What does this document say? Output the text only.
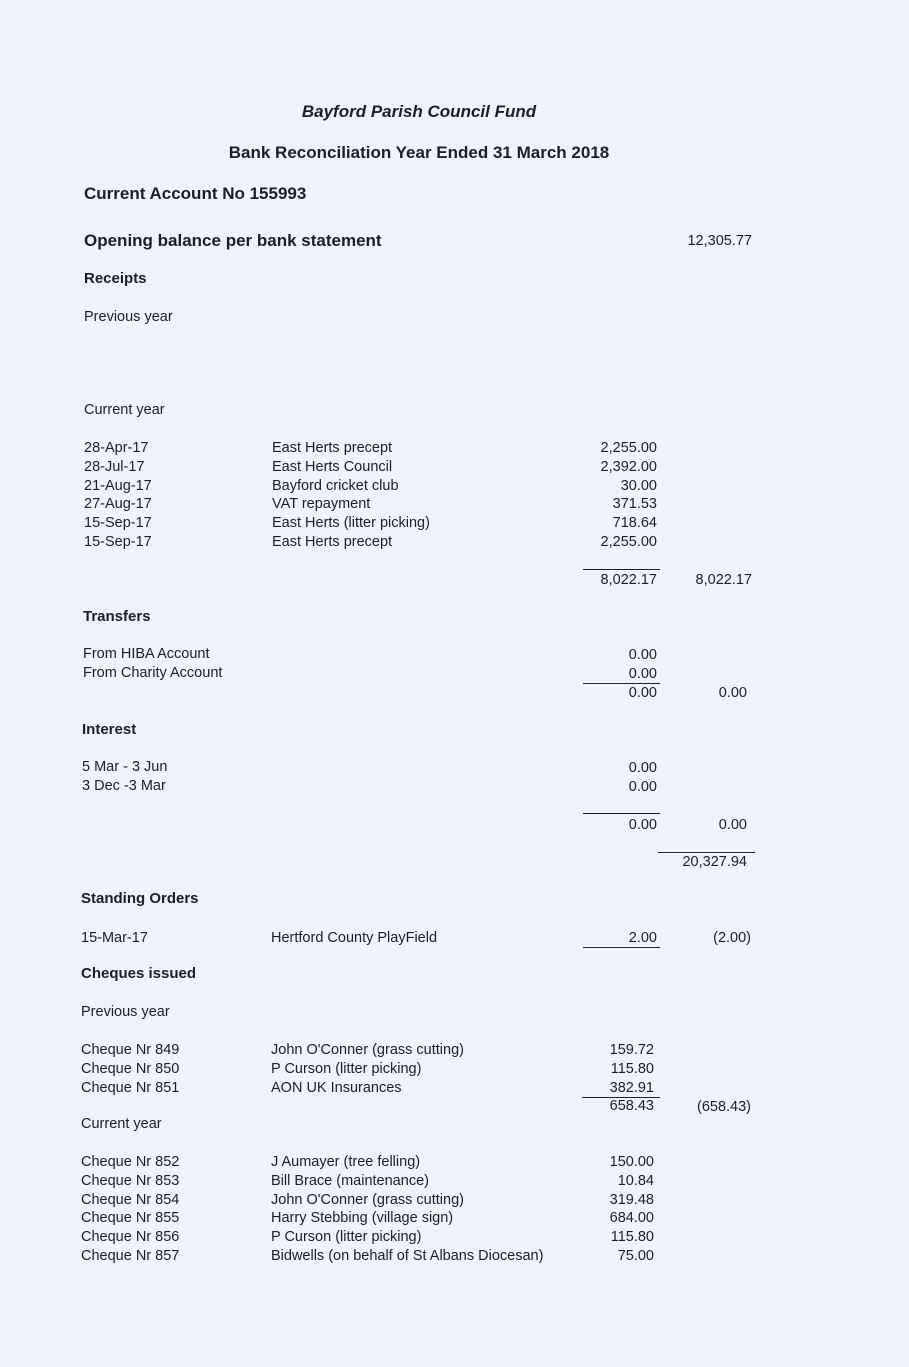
Bayford Parish Council Fund
Bank Reconciliation Year Ended 31 March 2018
Current Account No 155993
Opening balance per bank statement	12,305.77
Receipts
Previous year
Current year
28-Apr-17	East Herts precept	2,255.00
28-Jul-17	East Herts Council	2,392.00
21-Aug-17	Bayford cricket club	30.00
27-Aug-17	VAT repayment	371.53
15-Sep-17	East Herts (litter picking)	718.64
15-Sep-17	East Herts precept	2,255.00
8,022.17	8,022.17
Transfers
From HIBA Account	0.00
From Charity Account	0.00
0.00	0.00
Interest
5 Mar - 3 Jun	0.00
3 Dec -3 Mar	0.00
0.00	0.00
20,327.94
Standing Orders
15-Mar-17	Hertford County PlayField	2.00	(2.00)
Cheques issued
Previous year
Cheque Nr 849	John O'Conner (grass cutting)	159.72
Cheque Nr 850	P Curson (litter picking)	115.80
Cheque Nr 851	AON UK Insurances	382.91
658.43	(658.43)
Current year
Cheque Nr 852	J Aumayer (tree felling)	150.00
Cheque Nr 853	Bill Brace (maintenance)	10.84
Cheque Nr 854	John O'Conner (grass cutting)	319.48
Cheque Nr 855	Harry Stebbing (village sign)	684.00
Cheque Nr 856	P Curson (litter picking)	115.80
Cheque Nr 857	Bidwells (on behalf of St Albans Diocesan)	75.00
